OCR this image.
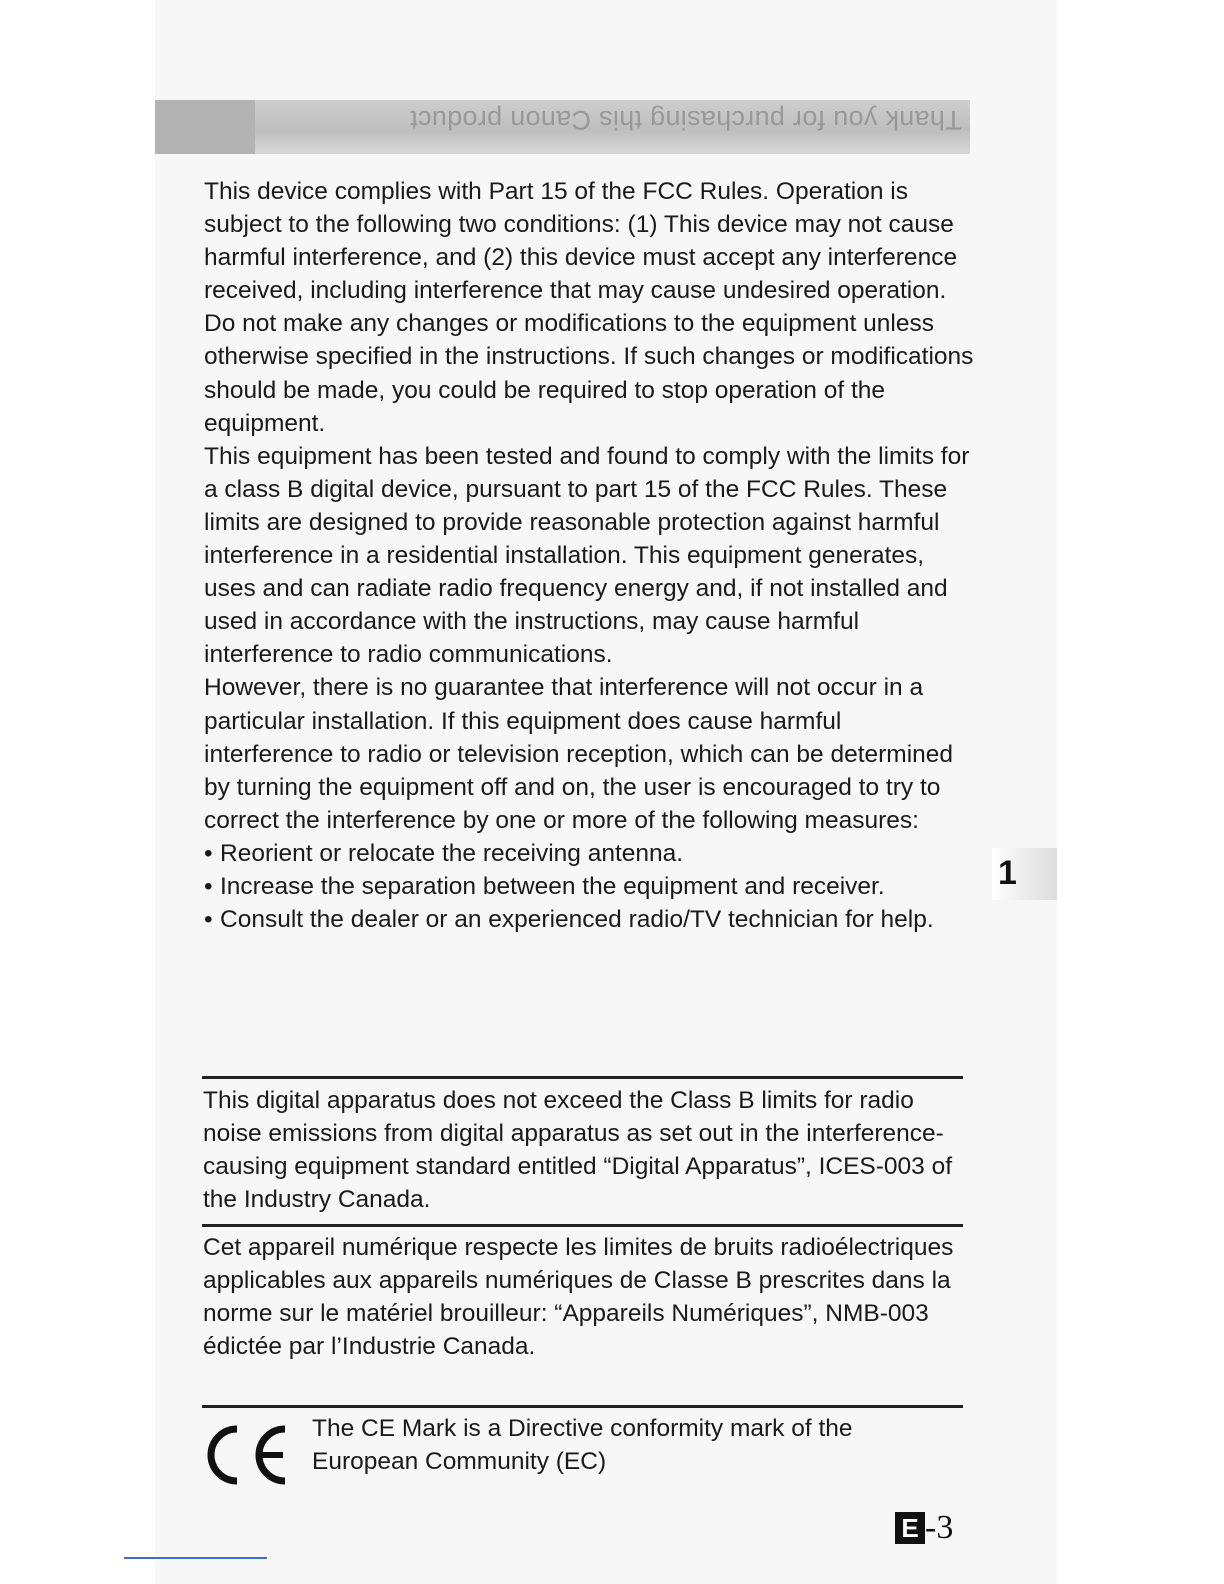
Thank you for purchasing this Canon product

This device complies with Part 15 of the FCC Rules. Operation is subject to the following two conditions: (1) This device may not cause harmful interference, and (2) this device must accept any interference received, including interference that may cause undesired operation.

Do not make any changes or modifications to the equipment unless otherwise specified in the instructions. If such changes or modifications should be made, you could be required to stop operation of the equipment.

This equipment has been tested and found to comply with the limits for a class B digital device, pursuant to part 15 of the FCC Rules. These limits are designed to provide reasonable protection against harmful interference in a residential installation. This equipment generates, uses and can radiate radio frequency energy and, if not installed and used in accordance with the instructions, may cause harmful interference to radio communications.

However, there is no guarantee that interference will not occur in a particular installation. If this equipment does cause harmful interference to radio or television reception, which can be determined by turning the equipment off and on, the user is encouraged to try to correct the interference by one or more of the following measures:

• Reorient or relocate the receiving antenna.
• Increase the separation between the equipment and receiver.
• Consult the dealer or an experienced radio/TV technician for help.
This digital apparatus does not exceed the Class B limits for radio noise emissions from digital apparatus as set out in the interference-causing equipment standard entitled “Digital Apparatus”, ICES-003 of the Industry Canada.
Cet appareil numérique respecte les limites de bruits radioélectriques applicables aux appareils numériques de Classe B prescrites dans la norme sur le matériel brouilleur: “Appareils Numériques”, NMB-003 édictée par l’Industrie Canada.
The CE Mark is a Directive conformity mark of the European Community (EC)
1
E -3
